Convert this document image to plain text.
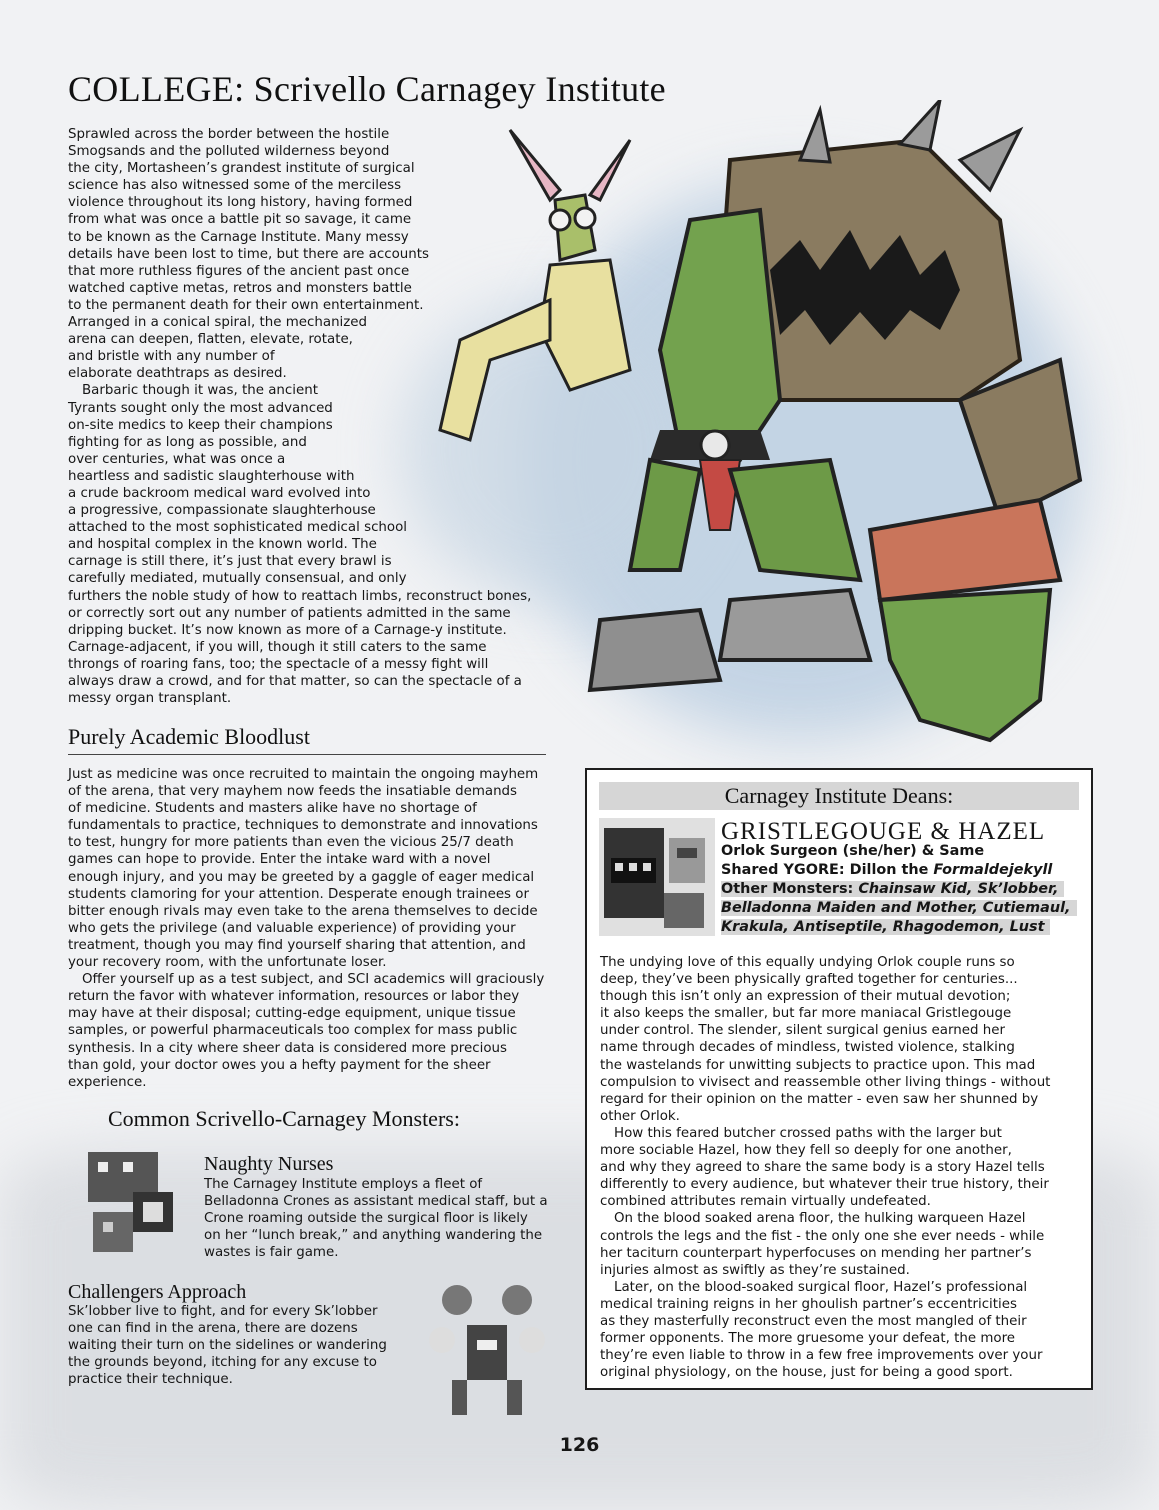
COLLEGE: Scrivello Carnagey Institute

Sprawled across the border between the hostile

Smogsands and the polluted wilderness beyond

the city, Mortasheen’s grandest institute of surgical

science has also witnessed some of the merciless

violence throughout its long history, having formed

from what was once a battle pit so savage, it came

to be known as the Carnage Institute. Many messy

details have been lost to time, but there are accounts

that more ruthless figures of the ancient past once

watched captive metas, retros and monsters battle

to the permanent death for their own entertainment.

Arranged in a conical spiral, the mechanized

arena can deepen, flatten, elevate, rotate,

and bristle with any number of

elaborate deathtraps as desired.

Barbaric though it was, the ancient

Tyrants sought only the most advanced

on-site medics to keep their champions

fighting for as long as possible, and

over centuries, what was once a

heartless and sadistic slaughterhouse with

a crude backroom medical ward evolved into

a progressive, compassionate slaughterhouse

attached to the most sophisticated medical school

and hospital complex in the known world. The

carnage is still there, it’s just that every brawl is

carefully mediated, mutually consensual, and only

furthers the noble study of how to reattach limbs, reconstruct bones,

or correctly sort out any number of patients admitted in the same

dripping bucket. It’s now known as more of a Carnage-y institute.

Carnage-adjacent, if you will, though it still caters to the same

throngs of roaring fans, too; the spectacle of a messy fight will

always draw a crowd, and for that matter, so can the spectacle of a

messy organ transplant.

Purely Academic Bloodlust

Just as medicine was once recruited to maintain the ongoing mayhem

of the arena, that very mayhem now feeds the insatiable demands

of medicine. Students and masters alike have no shortage of

fundamentals to practice, techniques to demonstrate and innovations

to test, hungry for more patients than even the vicious 25/7 death

games can hope to provide. Enter the intake ward with a novel

enough injury, and you may be greeted by a gaggle of eager medical

students clamoring for your attention. Desperate enough trainees or

bitter enough rivals may even take to the arena themselves to decide

who gets the privilege (and valuable experience) of providing your

treatment, though you may find yourself sharing that attention, and

your recovery room, with the unfortunate loser.

Offer yourself up as a test subject, and SCI academics will graciously

return the favor with whatever information, resources or labor they

may have at their disposal; cutting-edge equipment, unique tissue

samples, or powerful pharmaceuticals too complex for mass public

synthesis. In a city where sheer data is considered more precious

than gold, your doctor owes you a hefty payment for the sheer

experience.

Common Scrivello-Carnagey Monsters:
Naughty Nurses

The Carnagey Institute employs a fleet of

Belladonna Crones as assistant medical staff, but a

Crone roaming outside the surgical floor is likely

on her “lunch break,” and anything wandering the

wastes is fair game.

Challengers Approach

Sk’lobber live to fight, and for every Sk’lobber

one can find in the arena, there are dozens

waiting their turn on the sidelines or wandering

the grounds beyond, itching for any excuse to

practice their technique.

Carnagey Institute Deans:
GRISTLEGOUGE & HAZEL
Orlok Surgeon (she/her) & Same
Shared YGORE: Dillon the Formaldejekyll
Other Monsters: Chainsaw Kid, Sk’lobber,
Belladonna Maiden and Mother, Cutiemaul,
Krakula, Antiseptile, Rhagodemon, Lust

The undying love of this equally undying Orlok couple runs so

deep, they’ve been physically grafted together for centuries...

though this isn’t only an expression of their mutual devotion;

it also keeps the smaller, but far more maniacal Gristlegouge

under control. The slender, silent surgical genius earned her

name through decades of mindless, twisted violence, stalking

the wastelands for unwitting subjects to practice upon. This mad

compulsion to vivisect and reassemble other living things - without

regard for their opinion on the matter - even saw her shunned by

other Orlok.

How this feared butcher crossed paths with the larger but

more sociable Hazel, how they fell so deeply for one another,

and why they agreed to share the same body is a story Hazel tells

differently to every audience, but whatever their true history, their

combined attributes remain virtually undefeated.

On the blood soaked arena floor, the hulking warqueen Hazel

controls the legs and the fist - the only one she ever needs - while

her taciturn counterpart hyperfocuses on mending her partner’s

injuries almost as swiftly as they’re sustained.

Later, on the blood-soaked surgical floor, Hazel’s professional

medical training reigns in her ghoulish partner’s eccentricities

as they masterfully reconstruct even the most mangled of their

former opponents. The more gruesome your defeat, the more

they’re even liable to throw in a few free improvements over your

original physiology, on the house, just for being a good sport.

126
